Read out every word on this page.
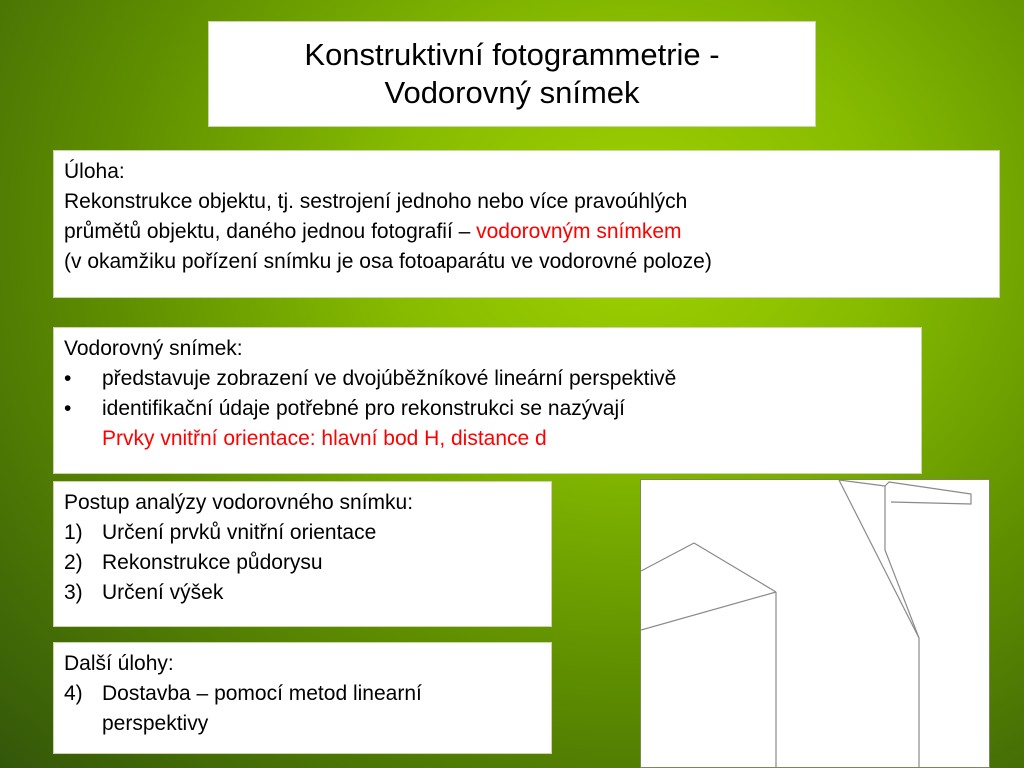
Konstruktivní fotogrammetrie -
Vodorovný snímek
Úloha:
Rekonstrukce objektu, tj. sestrojení jednoho nebo více pravoúhlých
průmětů objektu, daného jednou fotografií – vodorovným snímkem
(v okamžiku pořízení snímku je osa fotoaparátu ve vodorovné poloze)
Vodorovný snímek:
•	představuje zobrazení ve dvojúběžníkové lineární perspektivě
•	identifikační údaje potřebné pro rekonstrukci se nazývají
Prvky vnitřní orientace: hlavní bod H, distance d
Postup analýzy vodorovného snímku:
1) Určení prvků vnitřní orientace
2) Rekonstrukce půdorysu
3) Určení výšek
Další úlohy:
4) Dostavba – pomocí metod linearní
perspektivy
